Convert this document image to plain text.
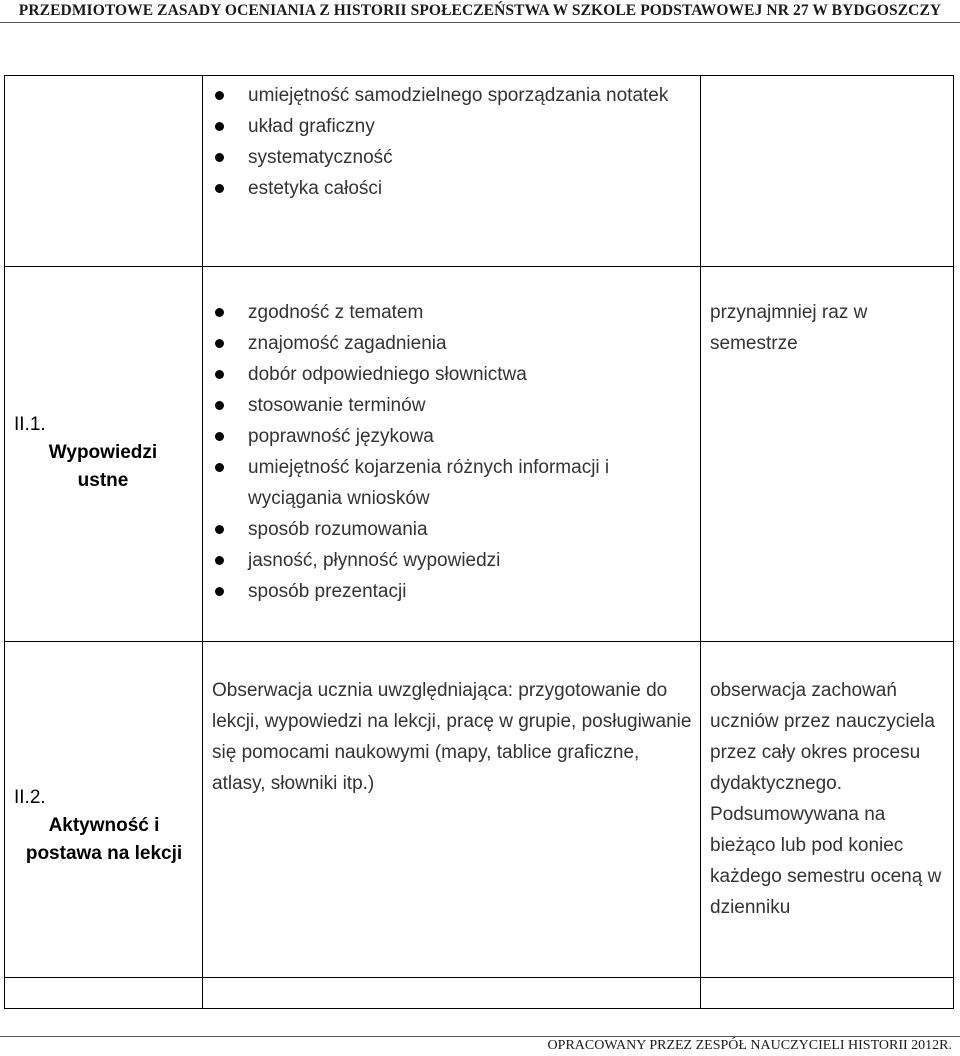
PRZEDMIOTOWE ZASADY OCENIANIA Z HISTORII SPOŁECZEŃSTWA W SZKOLE PODSTAWOWEJ NR 27 W BYDGOSZCZY
umiejętność samodzielnego sporządzania notatek
układ graficzny
systematyczność
estetyka całości
II.1.
Wypowiedzi ustne
zgodność z tematem
znajomość zagadnienia
dobór odpowiedniego słownictwa
stosowanie terminów
poprawność językowa
umiejętność kojarzenia różnych informacji i wyciągania wniosków
sposób rozumowania
jasność, płynność wypowiedzi
sposób prezentacji
przynajmniej raz w semestrze
II.2.
Aktywność i postawa na lekcji
Obserwacja ucznia uwzględniająca: przygotowanie do lekcji, wypowiedzi na lekcji, pracę w grupie, posługiwanie się pomocami naukowymi (mapy, tablice graficzne, atlasy, słowniki itp.)
obserwacja zachowań uczniów przez nauczyciela przez cały okres procesu dydaktycznego. Podsumowywana na bieżąco lub pod koniec każdego semestru oceną w dzienniku
OPRACOWANY PRZEZ ZESPÓŁ NAUCZYCIELI HISTORII 2012R.
